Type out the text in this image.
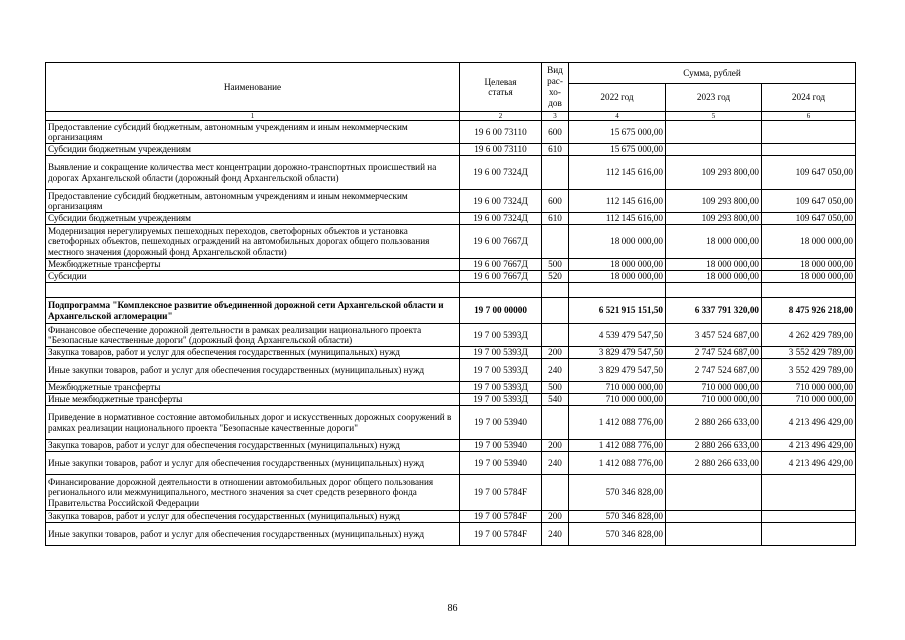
Наименование	Целевая статья	Вид рас-хо-дов	Сумма, рублей		
			2022 год	2023 год	2024 год
1	2	3	4	5	6
Предоставление субсидий бюджетным, автономным учреждениям и иным некоммерческим организациям	19 6 00 73110	600	15 675 000,00		
Субсидии бюджетным учреждениям	19 6 00 73110	610	15 675 000,00		
Выявление и сокращение количества мест концентрации дорожно-транспортных происшествий на дорогах Архангельской области (дорожный фонд Архангельской области)	19 6 00 7324Д		112 145 616,00	109 293 800,00	109 647 050,00
Предоставление субсидий бюджетным, автономным учреждениям и иным некоммерческим организациям	19 6 00 7324Д	600	112 145 616,00	109 293 800,00	109 647 050,00
Субсидии бюджетным учреждениям	19 6 00 7324Д	610	112 145 616,00	109 293 800,00	109 647 050,00
Модернизация нерегулируемых пешеходных переходов, светофорных объектов и установка светофорных объектов, пешеходных ограждений на автомобильных дорогах общего пользования местного значения (дорожный фонд Архангельской области)	19 6 00 7667Д		18 000 000,00	18 000 000,00	18 000 000,00
Межбюджетные трансферты	19 6 00 7667Д	500	18 000 000,00	18 000 000,00	18 000 000,00
Субсидии	19 6 00 7667Д	520	18 000 000,00	18 000 000,00	18 000 000,00

Подпрограмма "Комплексное развитие объединенной дорожной сети Архангельской области и Архангельской агломерации"	19 7 00 00000		6 521 915 151,50	6 337 791 320,00	8 475 926 218,00
Финансовое обеспечение дорожной деятельности в рамках реализации национального проекта "Безопасные качественные дороги" (дорожный фонд Архангельской области)	19 7 00 5393Д		4 539 479 547,50	3 457 524 687,00	4 262 429 789,00
Закупка товаров, работ и услуг для обеспечения государственных (муниципальных) нужд	19 7 00 5393Д	200	3 829 479 547,50	2 747 524 687,00	3 552 429 789,00
Иные закупки товаров, работ и услуг для обеспечения государственных (муниципальных) нужд	19 7 00 5393Д	240	3 829 479 547,50	2 747 524 687,00	3 552 429 789,00
Межбюджетные трансферты	19 7 00 5393Д	500	710 000 000,00	710 000 000,00	710 000 000,00
Иные межбюджетные трансферты	19 7 00 5393Д	540	710 000 000,00	710 000 000,00	710 000 000,00
Приведение в нормативное состояние автомобильных дорог и искусственных дорожных сооружений в рамках реализации национального проекта "Безопасные качественные дороги"	19 7 00 53940		1 412 088 776,00	2 880 266 633,00	4 213 496 429,00
Закупка товаров, работ и услуг для обеспечения государственных (муниципальных) нужд	19 7 00 53940	200	1 412 088 776,00	2 880 266 633,00	4 213 496 429,00
Иные закупки товаров, работ и услуг для обеспечения государственных (муниципальных) нужд	19 7 00 53940	240	1 412 088 776,00	2 880 266 633,00	4 213 496 429,00
Финансирование дорожной деятельности в отношении автомобильных дорог общего пользования регионального или межмуниципального, местного значения за счет средств резервного фонда Правительства Российской Федерации	19 7 00 5784F		570 346 828,00		
Закупка товаров, работ и услуг для обеспечения государственных (муниципальных) нужд	19 7 00 5784F	200	570 346 828,00		
Иные закупки товаров, работ и услуг для обеспечения государственных (муниципальных) нужд	19 7 00 5784F	240	570 346 828,00		
86
